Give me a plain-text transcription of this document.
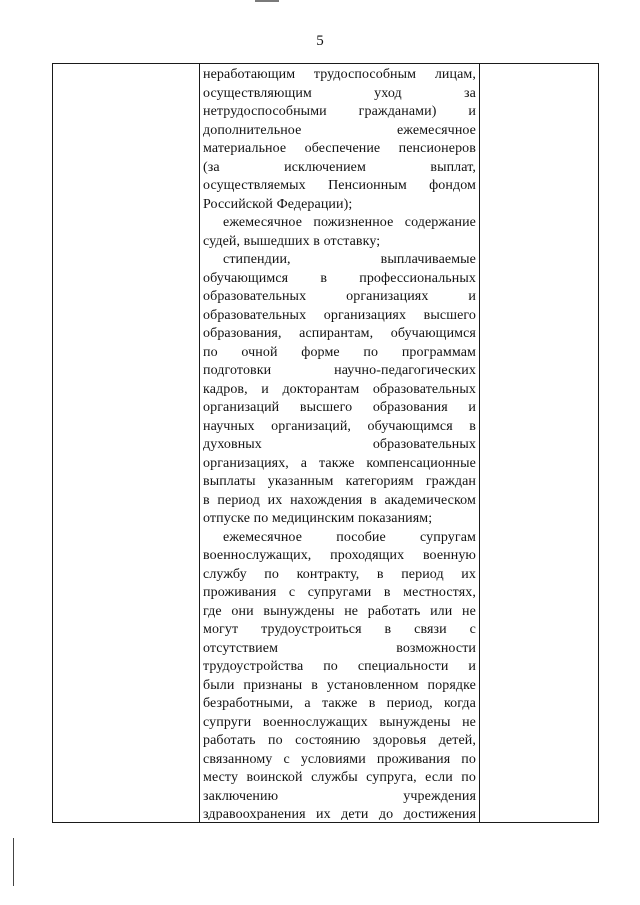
5
неработающим трудоспособным лицам,
осуществляющим	уход	за
нетрудоспособными гражданами) и
дополнительное	ежемесячное
материальное обеспечение пенсионеров
(за	исключением	выплат,
осуществляемых Пенсионным фондом
Российской Федерации);
ежемесячное пожизненное содержание
судей, вышедших в отставку;
стипендии,	выплачиваемые
обучающимся в профессиональных
образовательных	организациях	и
образовательных организациях высшего
образования, аспирантам, обучающимся
по очной форме по программам
подготовки	научно-педагогических
кадров, и докторантам образовательных
организаций высшего образования и
научных организаций, обучающимся в
духовных	образовательных
организациях, а также компенсационные
выплаты указанным категориям граждан
в период их нахождения в академическом
отпуске по медицинским показаниям;
ежемесячное пособие супругам
военнослужащих, проходящих военную
службу по контракту, в период их
проживания с супругами в местностях,
где они вынуждены не работать или не
могут трудоустроиться в связи с
отсутствием	возможности
трудоустройства по специальности и
были признаны в установленном порядке
безработными, а также в период, когда
супруги военнослужащих вынуждены не
работать по состоянию здоровья детей,
связанному с условиями проживания по
месту воинской службы супруга, если по
заключению	учреждения
здравоохранения их дети до достижения
